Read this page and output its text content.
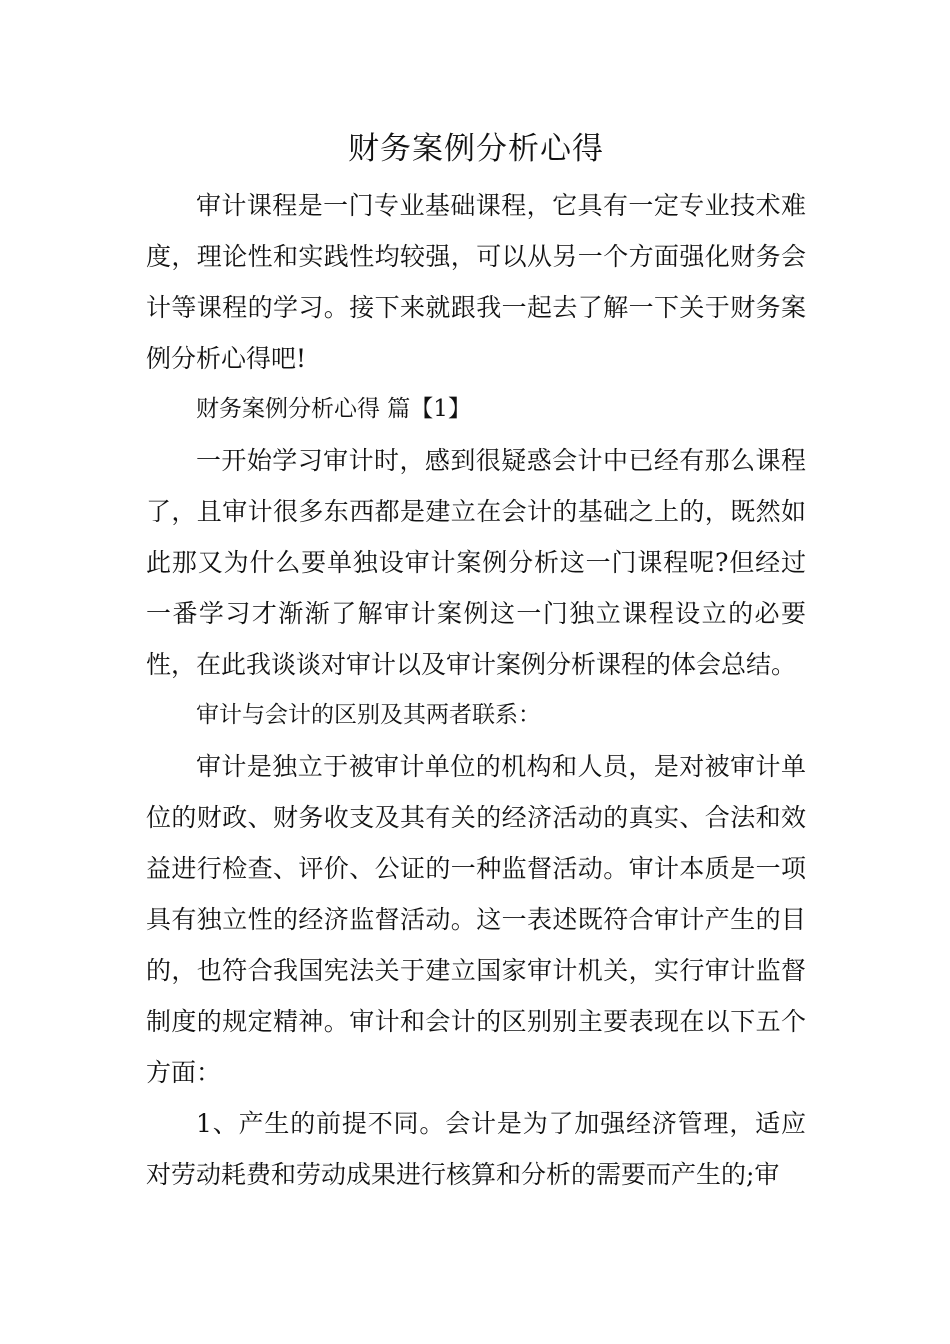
财务案例分析心得

审计课程是一门专业基础课程，它具有一定专业技术难度，理论性和实践性均较强，可以从另一个方面强化财务会计等课程的学习。接下来就跟我一起去了解一下关于财务案例分析心得吧!

财务案例分析心得 篇【1】

一开始学习审计时，感到很疑惑会计中已经有那么课程了，且审计很多东西都是建立在会计的基础之上的，既然如此那又为什么要单独设审计案例分析这一门课程呢?但经过一番学习才渐渐了解审计案例这一门独立课程设立的必要性，在此我谈谈对审计以及审计案例分析课程的体会总结。

审计与会计的区别及其两者联系：

审计是独立于被审计单位的机构和人员，是对被审计单位的财政、财务收支及其有关的经济活动的真实、合法和效益进行检查、评价、公证的一种监督活动。审计本质是一项具有独立性的经济监督活动。这一表述既符合审计产生的目的，也符合我国宪法关于建立国家审计机关，实行审计监督制度的规定精神。审计和会计的区别别主要表现在以下五个方面：

1、产生的前提不同。会计是为了加强经济管理，适应对劳动耗费和劳动成果进行核算和分析的需要而产生的;审
